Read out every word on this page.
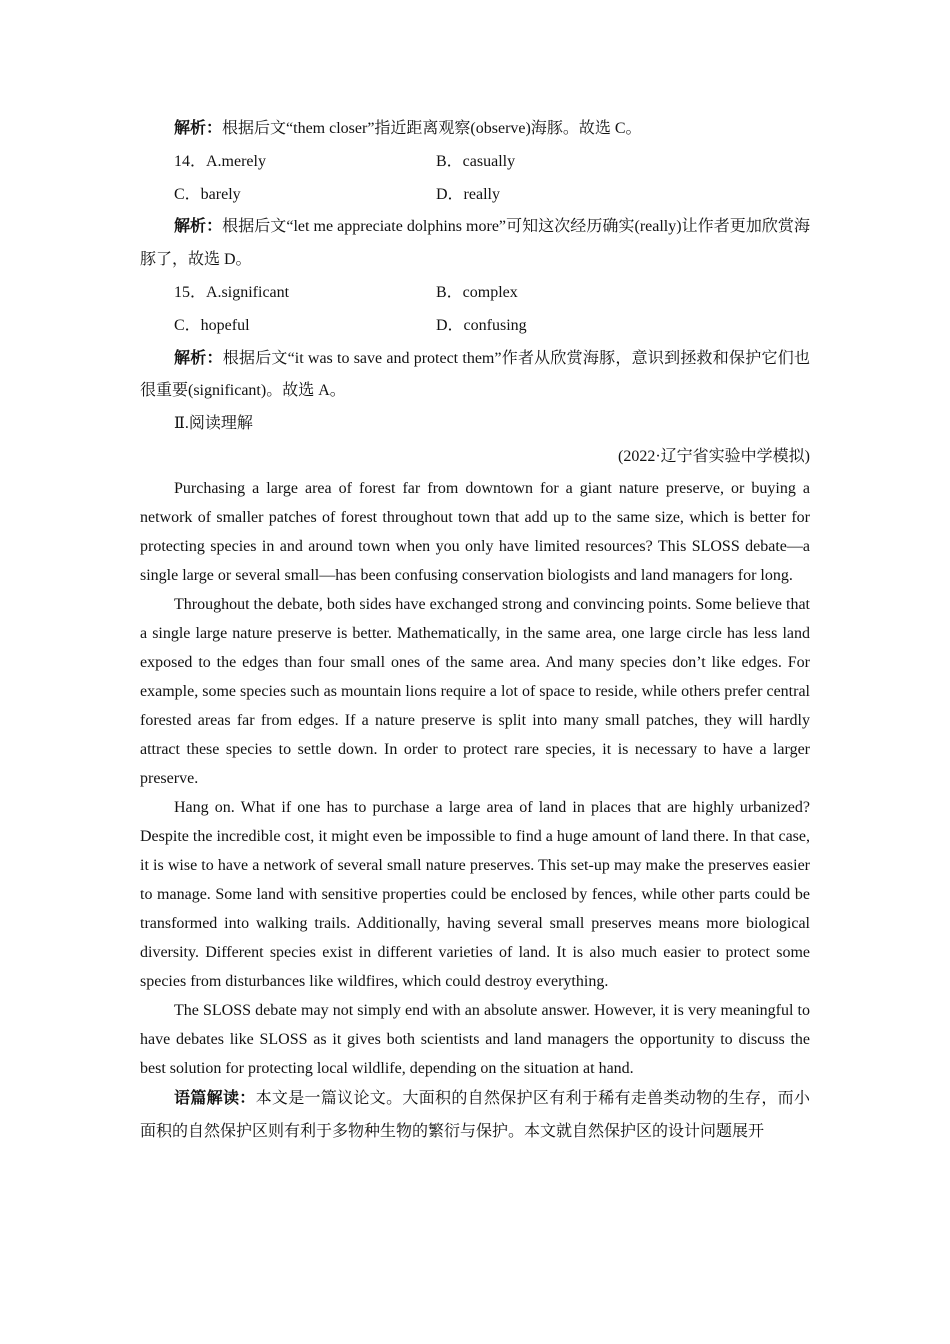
解析：根据后文“them closer”指近距离观察(observe)海豚。故选 C。

14．A.merely	B．casually
C．barely	D．really

解析：根据后文“let me appreciate dolphins more”可知这次经历确实(really)让作者更加欣赏海豚了，故选 D。

15．A.significant	B．complex
C．hopeful	D．confusing

解析：根据后文“it was to save and protect them”作者从欣赏海豚，意识到拯救和保护它们也很重要(significant)。故选 A。

Ⅱ.阅读理解
(2022·辽宁省实验中学模拟)

Purchasing a large area of forest far from downtown for a giant nature preserve, or buying a network of smaller patches of forest throughout town that add up to the same size, which is better for protecting species in and around town when you only have limited resources? This SLOSS debate—a single large or several small—has been confusing conservation biologists and land managers for long.

Throughout the debate, both sides have exchanged strong and convincing points. Some believe that a single large nature preserve is better. Mathematically, in the same area, one large circle has less land exposed to the edges than four small ones of the same area. And many species don’t like edges. For example, some species such as mountain lions require a lot of space to reside, while others prefer central forested areas far from edges. If a nature preserve is split into many small patches, they will hardly attract these species to settle down. In order to protect rare species, it is necessary to have a larger preserve.

Hang on. What if one has to purchase a large area of land in places that are highly urbanized? Despite the incredible cost, it might even be impossible to find a huge amount of land there. In that case, it is wise to have a network of several small nature preserves. This set-up may make the preserves easier to manage. Some land with sensitive properties could be enclosed by fences, while other parts could be transformed into walking trails. Additionally, having several small preserves means more biological diversity. Different species exist in different varieties of land. It is also much easier to protect some species from disturbances like wildfires, which could destroy everything.

The SLOSS debate may not simply end with an absolute answer. However, it is very meaningful to have debates like SLOSS as it gives both scientists and land managers the opportunity to discuss the best solution for protecting local wildlife, depending on the situation at hand.

语篇解读：本文是一篇议论文。大面积的自然保护区有利于稀有走兽类动物的生存，而小面积的自然保护区则有利于多物种生物的繁衍与保护。本文就自然保护区的设计问题展开
